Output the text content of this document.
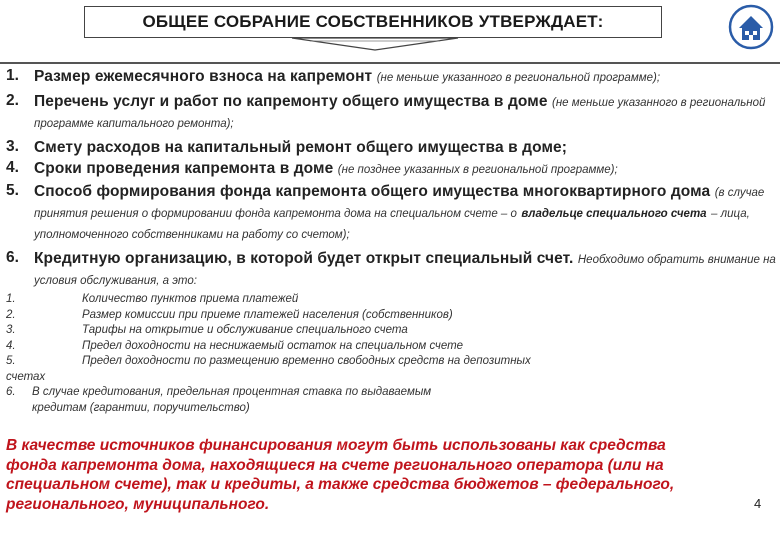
ОБЩЕЕ СОБРАНИЕ СОБСТВЕННИКОВ УТВЕРЖДАЕТ:
1. Размер ежемесячного взноса на капремонт (не меньше указанного в региональной программе);
2. Перечень услуг и работ по капремонту общего имущества в доме (не меньше указанного в региональной программе капитального ремонта);
3. Смету расходов на капитальный ремонт общего имущества в доме;
4. Сроки проведения капремонта в доме (не позднее указанных в региональной программе);
5. Способ формирования фонда капремонта общего имущества многоквартирного дома (в случае принятия решения о формировании фонда капремонта дома на специальном счете – о владельце специального счета – лица, уполномоченного собственниками на работу со счетом);
6. Кредитную организацию, в которой будет открыт специальный счет. Необходимо обратить внимание на условия обслуживания, а это:
1.	Количество пунктов приема платежей
2.	Размер комиссии при приеме платежей населения (собственников)
3.	Тарифы на открытие и обслуживание специального счета
4.	Предел доходности на неснижаемый остаток на специальном счете
5.	Предел доходности по размещению временно свободных средств на депозитных
счетах
6. В случае кредитования, предельная процентная ставка по выдаваемым кредитам (гарантии, поручительство)
В качестве источников финансирования могут быть использованы как средства фонда капремонта дома, находящиеся на счете регионального оператора (или на специальном счете), так и кредиты, а также средства бюджетов – федерального, регионального, муниципального.	4
